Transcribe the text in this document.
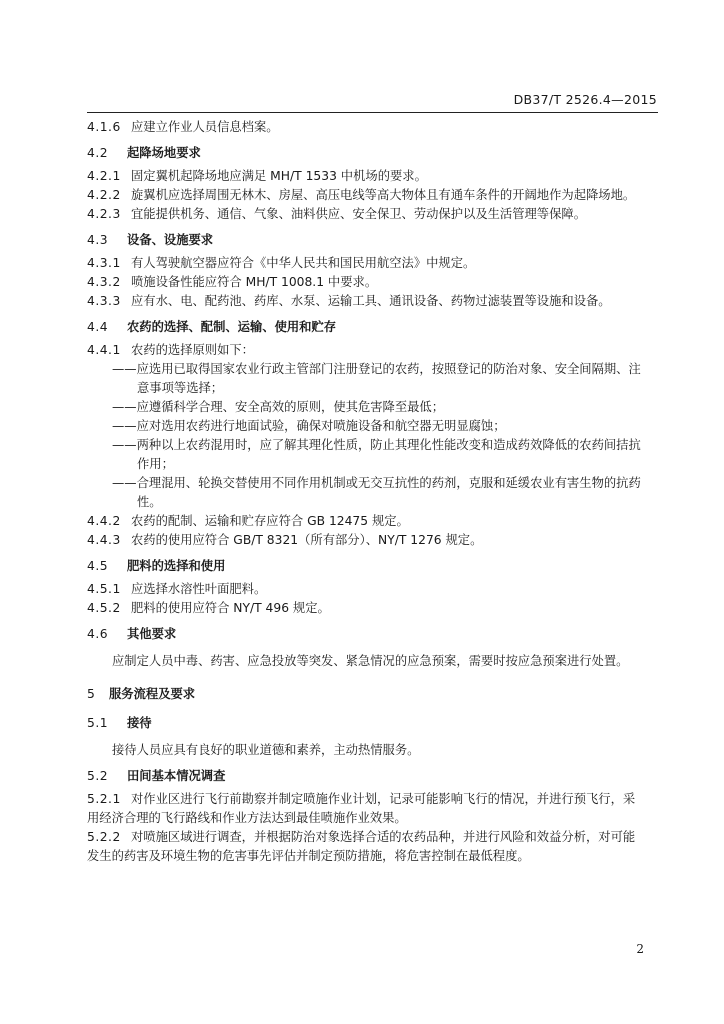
DB37/T 2526.4—2015
4.1.6 应建立作业人员信息档案。
4.2 起降场地要求
4.2.1 固定翼机起降场地应满足 MH/T 1533 中机场的要求。
4.2.2 旋翼机应选择周围无林木、房屋、高压电线等高大物体且有通车条件的开阔地作为起降场地。
4.2.3 宜能提供机务、通信、气象、油料供应、安全保卫、劳动保护以及生活管理等保障。
4.3 设备、设施要求
4.3.1 有人驾驶航空器应符合《中华人民共和国民用航空法》中规定。
4.3.2 喷施设备性能应符合 MH/T 1008.1 中要求。
4.3.3 应有水、电、配药池、药库、水泵、运输工具、通讯设备、药物过滤装置等设施和设备。
4.4 农药的选择、配制、运输、使用和贮存
4.4.1 农药的选择原则如下：
——应选用已取得国家农业行政主管部门注册登记的农药，按照登记的防治对象、安全间隔期、注
意事项等选择；
——应遵循科学合理、安全高效的原则，使其危害降至最低；
——应对选用农药进行地面试验，确保对喷施设备和航空器无明显腐蚀；
——两种以上农药混用时，应了解其理化性质，防止其理化性能改变和造成药效降低的农药间拮抗
作用；
——合理混用、轮换交替使用不同作用机制或无交互抗性的药剂，克服和延缓农业有害生物的抗药
性。
4.4.2 农药的配制、运输和贮存应符合 GB 12475 规定。
4.4.3 农药的使用应符合 GB/T 8321（所有部分）、NY/T 1276 规定。
4.5 肥料的选择和使用
4.5.1 应选择水溶性叶面肥料。
4.5.2 肥料的使用应符合 NY/T 496 规定。
4.6 其他要求
应制定人员中毒、药害、应急投放等突发、紧急情况的应急预案，需要时按应急预案进行处置。
5 服务流程及要求
5.1 接待
接待人员应具有良好的职业道德和素养，主动热情服务。
5.2 田间基本情况调查
5.2.1 对作业区进行飞行前勘察并制定喷施作业计划，记录可能影响飞行的情况，并进行预飞行，采
用经济合理的飞行路线和作业方法达到最佳喷施作业效果。
5.2.2 对喷施区域进行调查，并根据防治对象选择合适的农药品种，并进行风险和效益分析，对可能
发生的药害及环境生物的危害事先评估并制定预防措施，将危害控制在最低程度。
2
